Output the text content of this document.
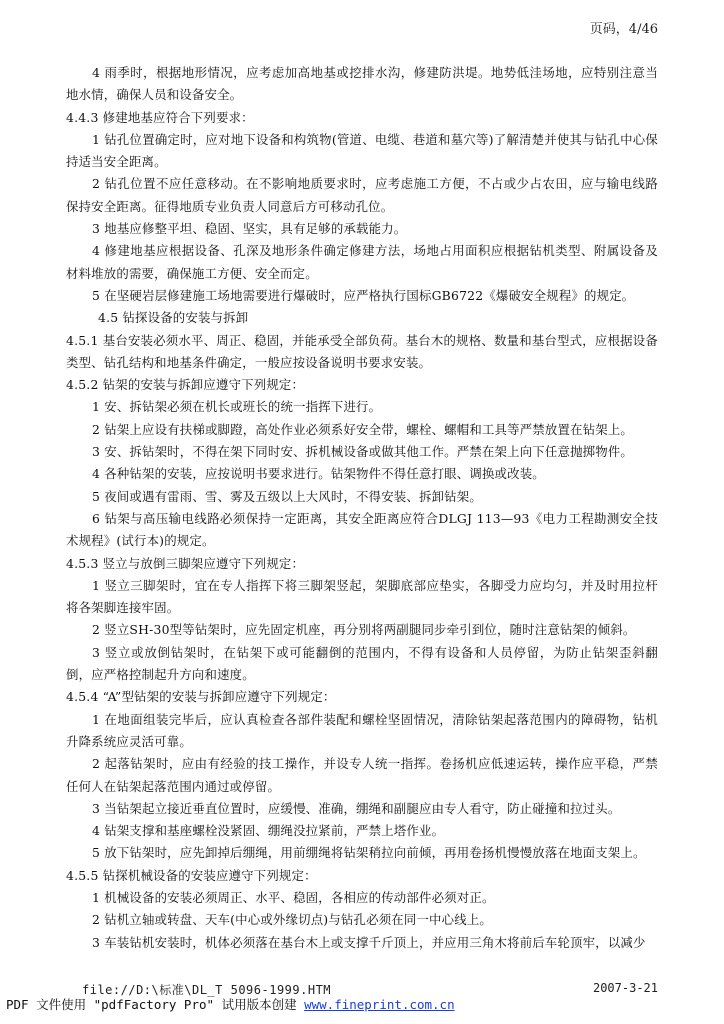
页码，4/46

4 雨季时，根据地形情况，应考虑加高地基或挖排水沟，修建防洪堤。地势低洼场地，应特别注意当地水情，确保人员和设备安全。

4.4.3 修建地基应符合下列要求：

1 钻孔位置确定时，应对地下设备和构筑物(管道、电缆、巷道和墓穴等)了解清楚并使其与钻孔中心保持适当安全距离。

2 钻孔位置不应任意移动。在不影响地质要求时，应考虑施工方便，不占或少占农田，应与输电线路保持安全距离。征得地质专业负责人同意后方可移动孔位。

3 地基应修整平坦、稳固、坚实，具有足够的承载能力。

4 修建地基应根据设备、孔深及地形条件确定修建方法，场地占用面积应根据钻机类型、附属设备及材料堆放的需要，确保施工方便、安全而定。

5 在坚硬岩层修建施工场地需要进行爆破时，应严格执行国标GB6722《爆破安全规程》的规定。

4.5 钻探设备的安装与拆卸

4.5.1 基台安装必须水平、周正、稳固，并能承受全部负荷。基台木的规格、数量和基台型式，应根据设备类型、钻孔结构和地基条件确定，一般应按设备说明书要求安装。

4.5.2 钻架的安装与拆卸应遵守下列规定：

1 安、拆钻架必须在机长或班长的统一指挥下进行。

2 钻架上应设有扶梯或脚蹬，高处作业必须系好安全带，螺栓、螺帽和工具等严禁放置在钻架上。

3 安、拆钻架时，不得在架下同时安、拆机械设备或做其他工作。严禁在架上向下任意抛掷物件。

4 各种钻架的安装，应按说明书要求进行。钻架物件不得任意打眼、调换或改装。

5 夜间或遇有雷雨、雪、雾及五级以上大风时，不得安装、拆卸钻架。

6 钻架与高压输电线路必须保持一定距离，其安全距离应符合DLGJ 113—93《电力工程勘测安全技术规程》(试行本)的规定。

4.5.3 竖立与放倒三脚架应遵守下列规定：

1 竖立三脚架时，宜在专人指挥下将三脚架竖起，架脚底部应垫实，各脚受力应均匀，并及时用拉杆将各架脚连接牢固。

2 竖立SH-30型等钻架时，应先固定机座，再分别将两副腿同步牵引到位，随时注意钻架的倾斜。

3 竖立或放倒钻架时，在钻架下或可能翻倒的范围内，不得有设备和人员停留，为防止钻架歪斜翻倒，应严格控制起升方向和速度。

4.5.4 “A”型钻架的安装与拆卸应遵守下列规定：

1 在地面组装完毕后，应认真检查各部件装配和螺栓坚固情况，清除钻架起落范围内的障碍物，钻机升降系统应灵活可靠。

2 起落钻架时，应由有经验的技工操作，并设专人统一指挥。卷扬机应低速运转，操作应平稳，严禁任何人在钻架起落范围内通过或停留。

3 当钻架起立接近垂直位置时，应缓慢、准确，绷绳和副腿应由专人看守，防止碰撞和拉过头。

4 钻架支撑和基座螺栓没紧固、绷绳没拉紧前，严禁上塔作业。

5 放下钻架时，应先卸掉后绷绳，用前绷绳将钻架稍拉向前倾，再用卷扬机慢慢放落在地面支架上。

4.5.5 钻探机械设备的安装应遵守下列规定：

1 机械设备的安装必须周正、水平、稳固，各相应的传动部件必须对正。

2 钻机立轴或转盘、天车(中心或外缘切点)与钻孔必须在同一中心线上。

3 车装钻机安装时，机体必须落在基台木上或支撑千斤顶上，并应用三角木将前后车轮顶牢，以减少

file://D:\标准\DL_T 5096-1999.HTM	2007-3-21
PDF 文件使用 "pdfFactory Pro" 试用版本创建 www.fineprint.com.cn
